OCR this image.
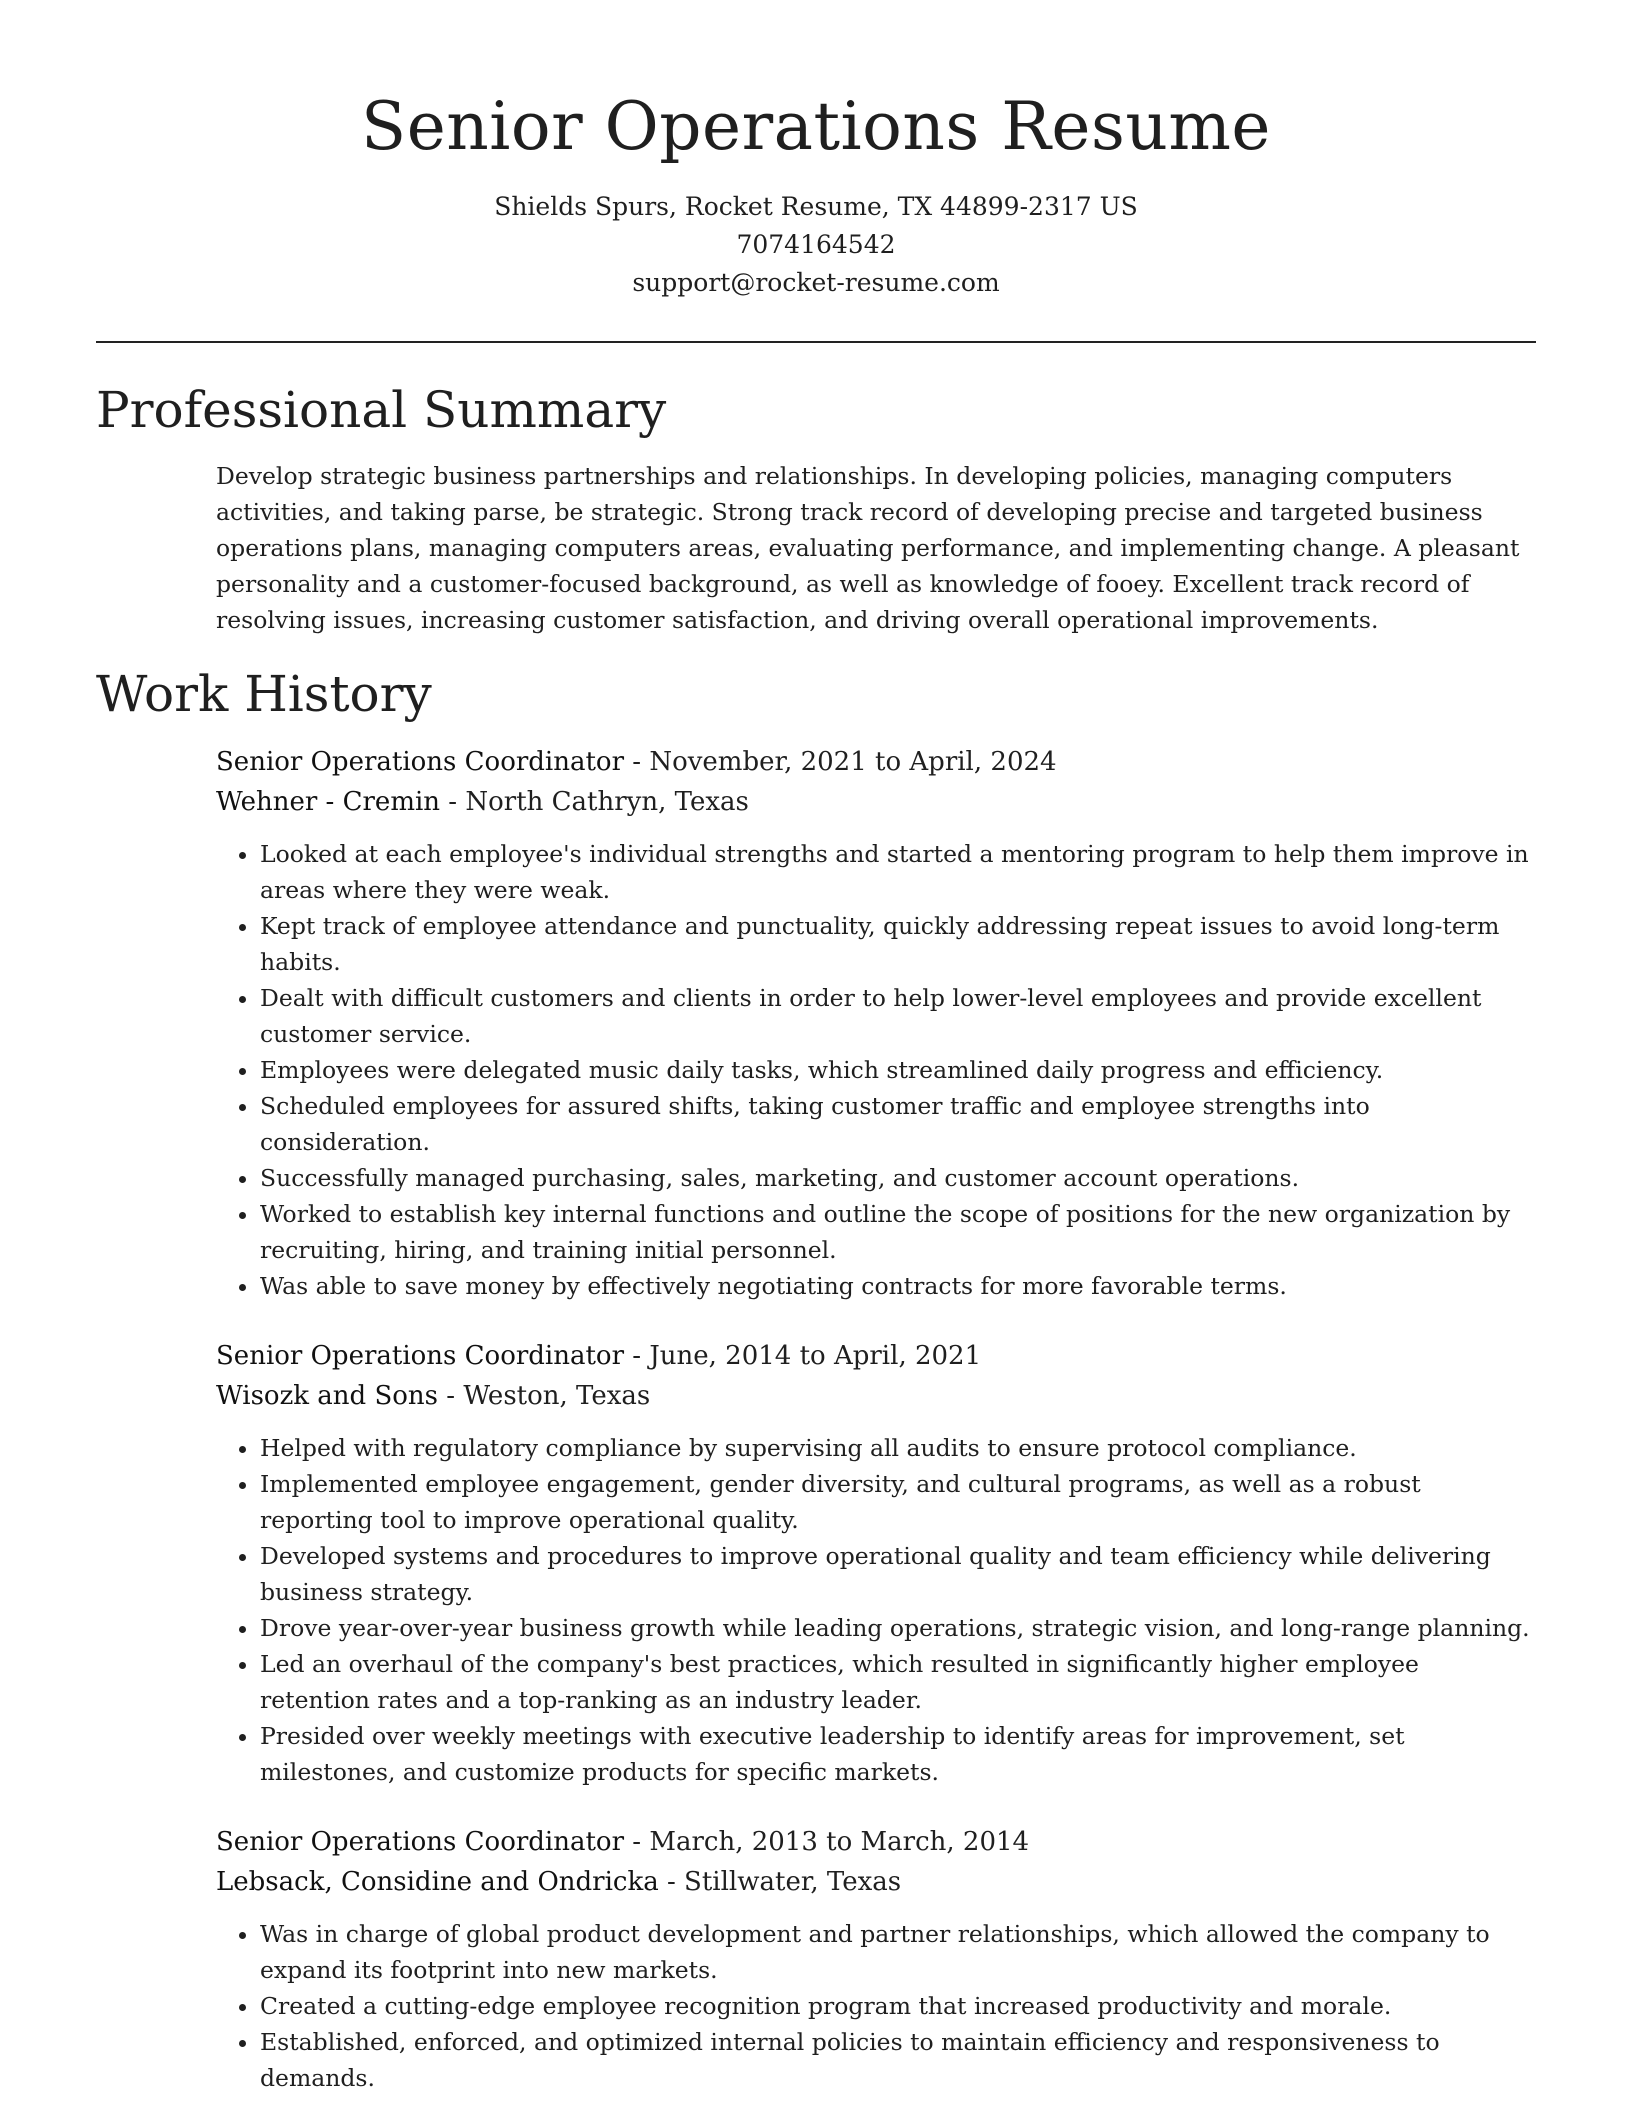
Senior Operations Resume
Shields Spurs, Rocket Resume, TX 44899-2317 US
7074164542
support@rocket-resume.com
Professional Summary

Develop strategic business partnerships and relationships. In developing policies, managing computers activities, and taking parse, be strategic. Strong track record of developing precise and targeted business operations plans, managing computers areas, evaluating performance, and implementing change. A pleasant personality and a customer-focused background, as well as knowledge of fooey. Excellent track record of resolving issues, increasing customer satisfaction, and driving overall operational improvements.

Work History
Senior Operations Coordinator - November, 2021 to April, 2024
Wehner - Cremin - North Cathryn, Texas
• Looked at each employee's individual strengths and started a mentoring program to help them improve in areas where they were weak.
• Kept track of employee attendance and punctuality, quickly addressing repeat issues to avoid long-term habits.
• Dealt with difficult customers and clients in order to help lower-level employees and provide excellent customer service.
• Employees were delegated music daily tasks, which streamlined daily progress and efficiency.
• Scheduled employees for assured shifts, taking customer traffic and employee strengths into consideration.
• Successfully managed purchasing, sales, marketing, and customer account operations.
• Worked to establish key internal functions and outline the scope of positions for the new organization by recruiting, hiring, and training initial personnel.
• Was able to save money by effectively negotiating contracts for more favorable terms.
Senior Operations Coordinator - June, 2014 to April, 2021
Wisozk and Sons - Weston, Texas
• Helped with regulatory compliance by supervising all audits to ensure protocol compliance.
• Implemented employee engagement, gender diversity, and cultural programs, as well as a robust reporting tool to improve operational quality.
• Developed systems and procedures to improve operational quality and team efficiency while delivering business strategy.
• Drove year-over-year business growth while leading operations, strategic vision, and long-range planning.
• Led an overhaul of the company's best practices, which resulted in significantly higher employee retention rates and a top-ranking as an industry leader.
• Presided over weekly meetings with executive leadership to identify areas for improvement, set milestones, and customize products for specific markets.
Senior Operations Coordinator - March, 2013 to March, 2014
Lebsack, Considine and Ondricka - Stillwater, Texas
• Was in charge of global product development and partner relationships, which allowed the company to expand its footprint into new markets.
• Created a cutting-edge employee recognition program that increased productivity and morale.
• Established, enforced, and optimized internal policies to maintain efficiency and responsiveness to demands.
